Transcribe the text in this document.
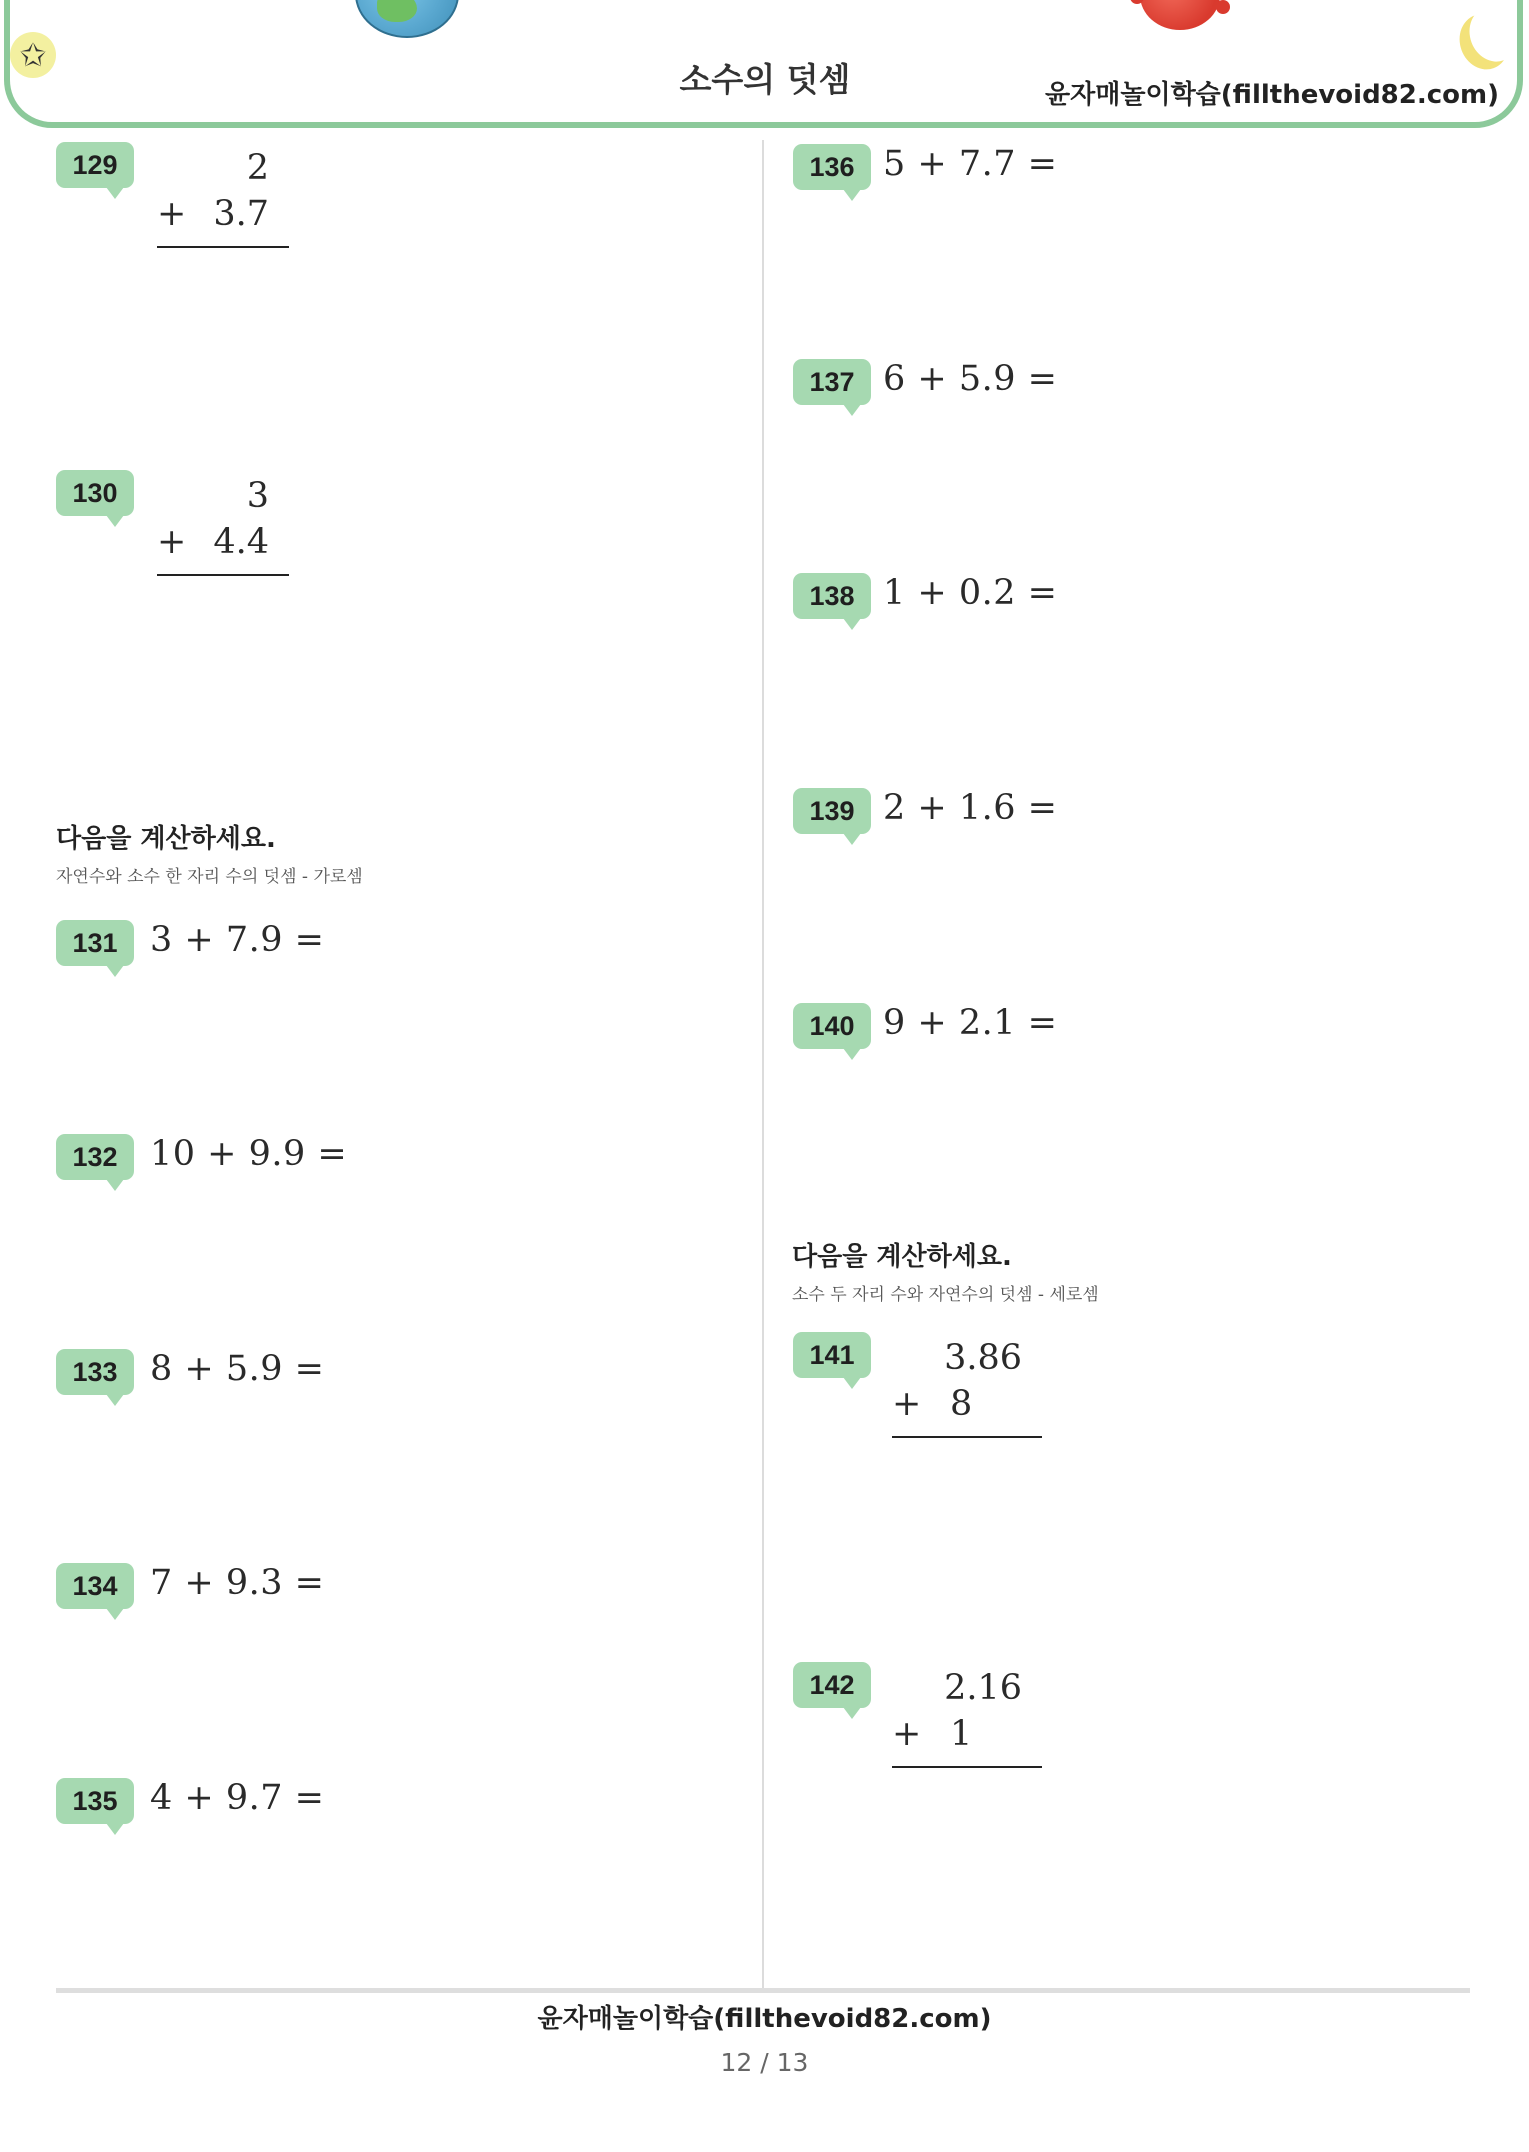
✩
소수의 덧셈	윤자매놀이학습(fillthevoid82.com)
129	2
+ 3.7
130	3
+ 4.4
다음을 계산하세요.
자연수와 소수 한 자리 수의 덧셈 - 가로셈
131 3 + 7.9 =
132 10 + 9.9 =
133 8 + 5.9 =
134 7 + 9.3 =
135 4 + 9.7 =
136 5 + 7.7 =
137 6 + 5.9 =
138 1 + 0.2 =
139 2 + 1.6 =
140 9 + 2.1 =
다음을 계산하세요.
소수 두 자리 수와 자연수의 덧셈 - 세로셈
141	3.86
+ 8
142	2.16
+ 1
윤자매놀이학습(fillthevoid82.com)
12 / 13
